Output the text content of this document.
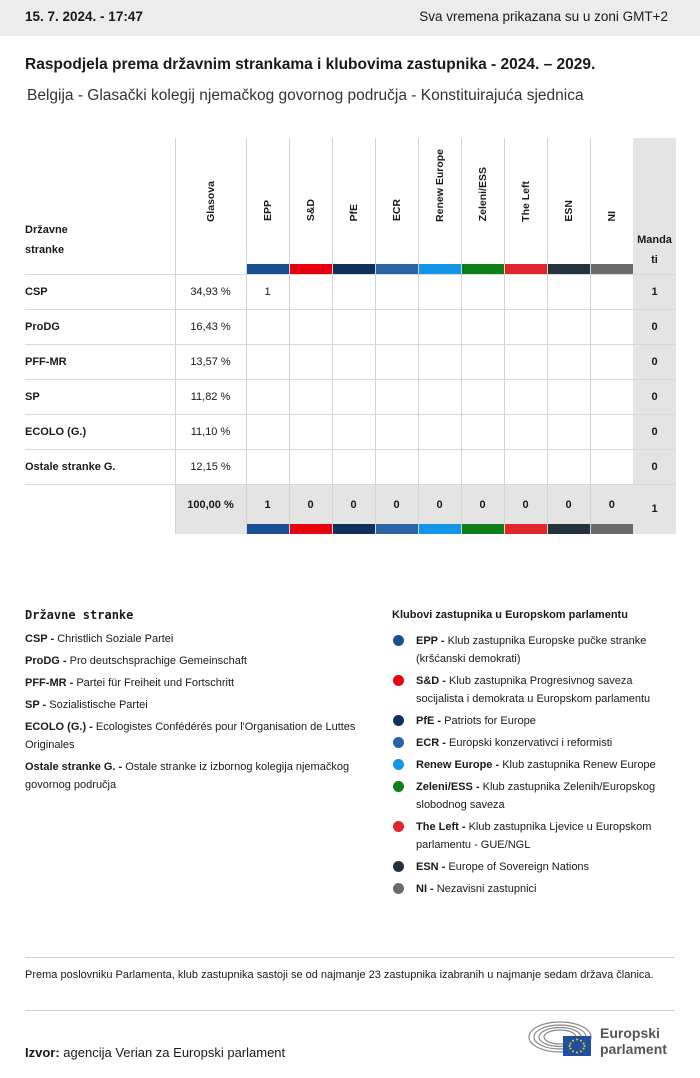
15. 7. 2024. - 17:47	Sva vremena prikazana su u zoni GMT+2
Raspodjela prema državnim strankama i klubovima zastupnika - 2024. – 2029.
Belgija - Glasački kolegij njemačkog govornog područja - Konstituirajuća sjednica
Državne
stranke	Glasova	EPP	S&D	PfE	ECR	Renew Europe	Zeleni/ESS	The Left	ESN	NI	Manda
ti
CSP	34,93 %	1									1
ProDG	16,43 %										0
PFF-MR	13,57 %										0
SP	11,82 %										0
ECOLO (G.)	11,10 %										0
Ostale stranke G.	12,15 %										0
	100,00 %	1	0	0	0	0	0	0	0	0	1
Državne stranke
CSP - Christlich Soziale Partei
ProDG - Pro deutschsprachige Gemeinschaft
PFF-MR - Partei für Freiheit und Fortschritt
SP - Sozialistische Partei
ECOLO (G.) - Ecologistes Confédérés pour l'Organisation de Luttes Originales
Ostale stranke G. - Ostale stranke iz izbornog kolegija njemačkog govornog područja
Klubovi zastupnika u Europskom parlamentu
EPP - Klub zastupnika Europske pučke stranke (kršćanski demokrati)
S&D - Klub zastupnika Progresivnog saveza socijalista i demokrata u Europskom parlamentu
PfE - Patriots for Europe
ECR - Europski konzervativci i reformisti
Renew Europe - Klub zastupnika Renew Europe
Zeleni/ESS - Klub zastupnika Zelenih/Europskog slobodnog saveza
The Left - Klub zastupnika Ljevice u Europskom parlamentu - GUE/NGL
ESN - Europe of Sovereign Nations
NI - Nezavisni zastupnici
Prema poslovniku Parlamenta, klub zastupnika sastoji se od najmanje 23 zastupnika izabranih u najmanje sedam država članica.
Izvor: agencija Verian za Europski parlament
Europski
parlament
